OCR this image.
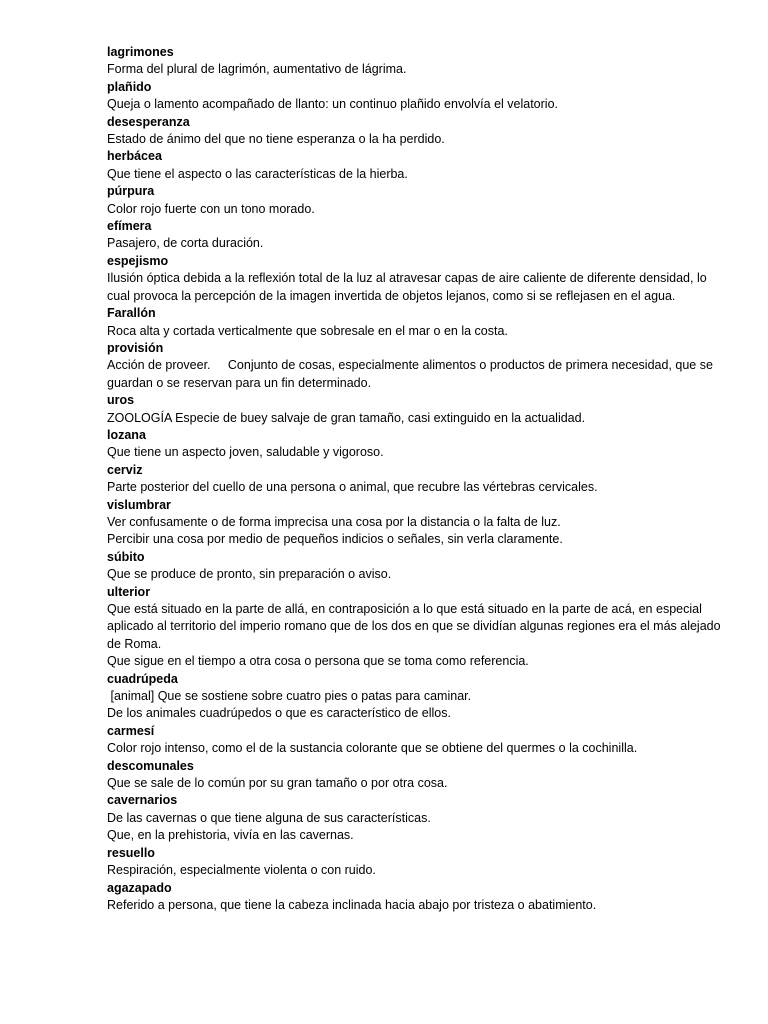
lagrimones
Forma del plural de lagrimón, aumentativo de lágrima.
plañido
Queja o lamento acompañado de llanto: un continuo plañido envolvía el velatorio.
desesperanza
Estado de ánimo del que no tiene esperanza o la ha perdido.
herbácea
Que tiene el aspecto o las características de la hierba.
púrpura
Color rojo fuerte con un tono morado.
efímera
Pasajero, de corta duración.
espejismo
Ilusión óptica debida a la reflexión total de la luz al atravesar capas de aire caliente de diferente densidad, lo
cual provoca la percepción de la imagen invertida de objetos lejanos, como si se reflejasen en el agua.
Farallón
Roca alta y cortada verticalmente que sobresale en el mar o en la costa.
provisión
Acción de proveer.     Conjunto de cosas, especialmente alimentos o productos de primera necesidad, que se
guardan o se reservan para un fin determinado.
uros
ZOOLOGÍA Especie de buey salvaje de gran tamaño, casi extinguido en la actualidad.
lozana
Que tiene un aspecto joven, saludable y vigoroso.
cerviz
Parte posterior del cuello de una persona o animal, que recubre las vértebras cervicales.
vislumbrar
Ver confusamente o de forma imprecisa una cosa por la distancia o la falta de luz.
Percibir una cosa por medio de pequeños indicios o señales, sin verla claramente.
súbito
Que se produce de pronto, sin preparación o aviso.
ulterior
Que está situado en la parte de allá, en contraposición a lo que está situado en la parte de acá, en especial
aplicado al territorio del imperio romano que de los dos en que se dividían algunas regiones era el más alejado
de Roma.
Que sigue en el tiempo a otra cosa o persona que se toma como referencia.
cuadrúpeda
[animal] Que se sostiene sobre cuatro pies o patas para caminar.
De los animales cuadrúpedos o que es característico de ellos.
carmesí
Color rojo intenso, como el de la sustancia colorante que se obtiene del quermes o la cochinilla.
descomunales
Que se sale de lo común por su gran tamaño o por otra cosa.
cavernarios
De las cavernas o que tiene alguna de sus características.
Que, en la prehistoria, vivía en las cavernas.
resuello
Respiración, especialmente violenta o con ruido.
agazapado
Referido a persona, que tiene la cabeza inclinada hacia abajo por tristeza o abatimiento.
